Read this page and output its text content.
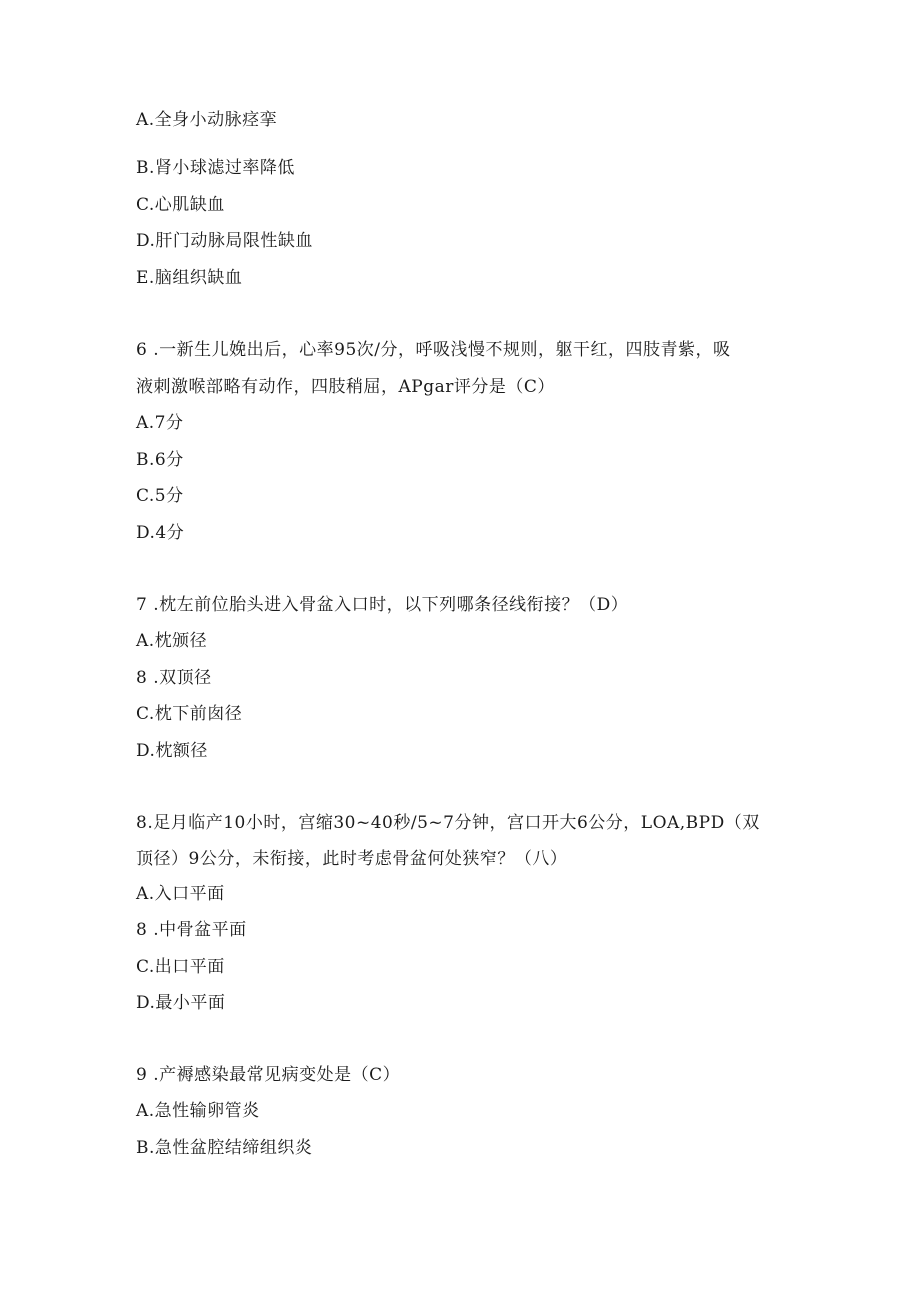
A.全身小动脉痉挛
B.肾小球滤过率降低
C.心肌缺血
D.肝门动脉局限性缺血
E.脑组织缺血
6 .一新生儿娩出后，心率95次/分，呼吸浅慢不规则，躯干红，四肢青紫，吸
液刺激喉部略有动作，四肢稍屈，APgar评分是（C）
A.7分
B.6分
C.5分
D.4分
7 .枕左前位胎头进入骨盆入口时，以下列哪条径线衔接？（D）
A.枕颁径
8 .双顶径
C.枕下前囱径
D.枕额径
8.足月临产10小时，宫缩30~40秒/5~7分钟，宫口开大6公分，LOA,BPD（双
顶径）9公分，未衔接，此时考虑骨盆何处狭窄？（八）
A.入口平面
8 .中骨盆平面
C.出口平面
D.最小平面
9 .产褥感染最常见病变处是（C）
A.急性输卵管炎
B.急性盆腔结缔组织炎
